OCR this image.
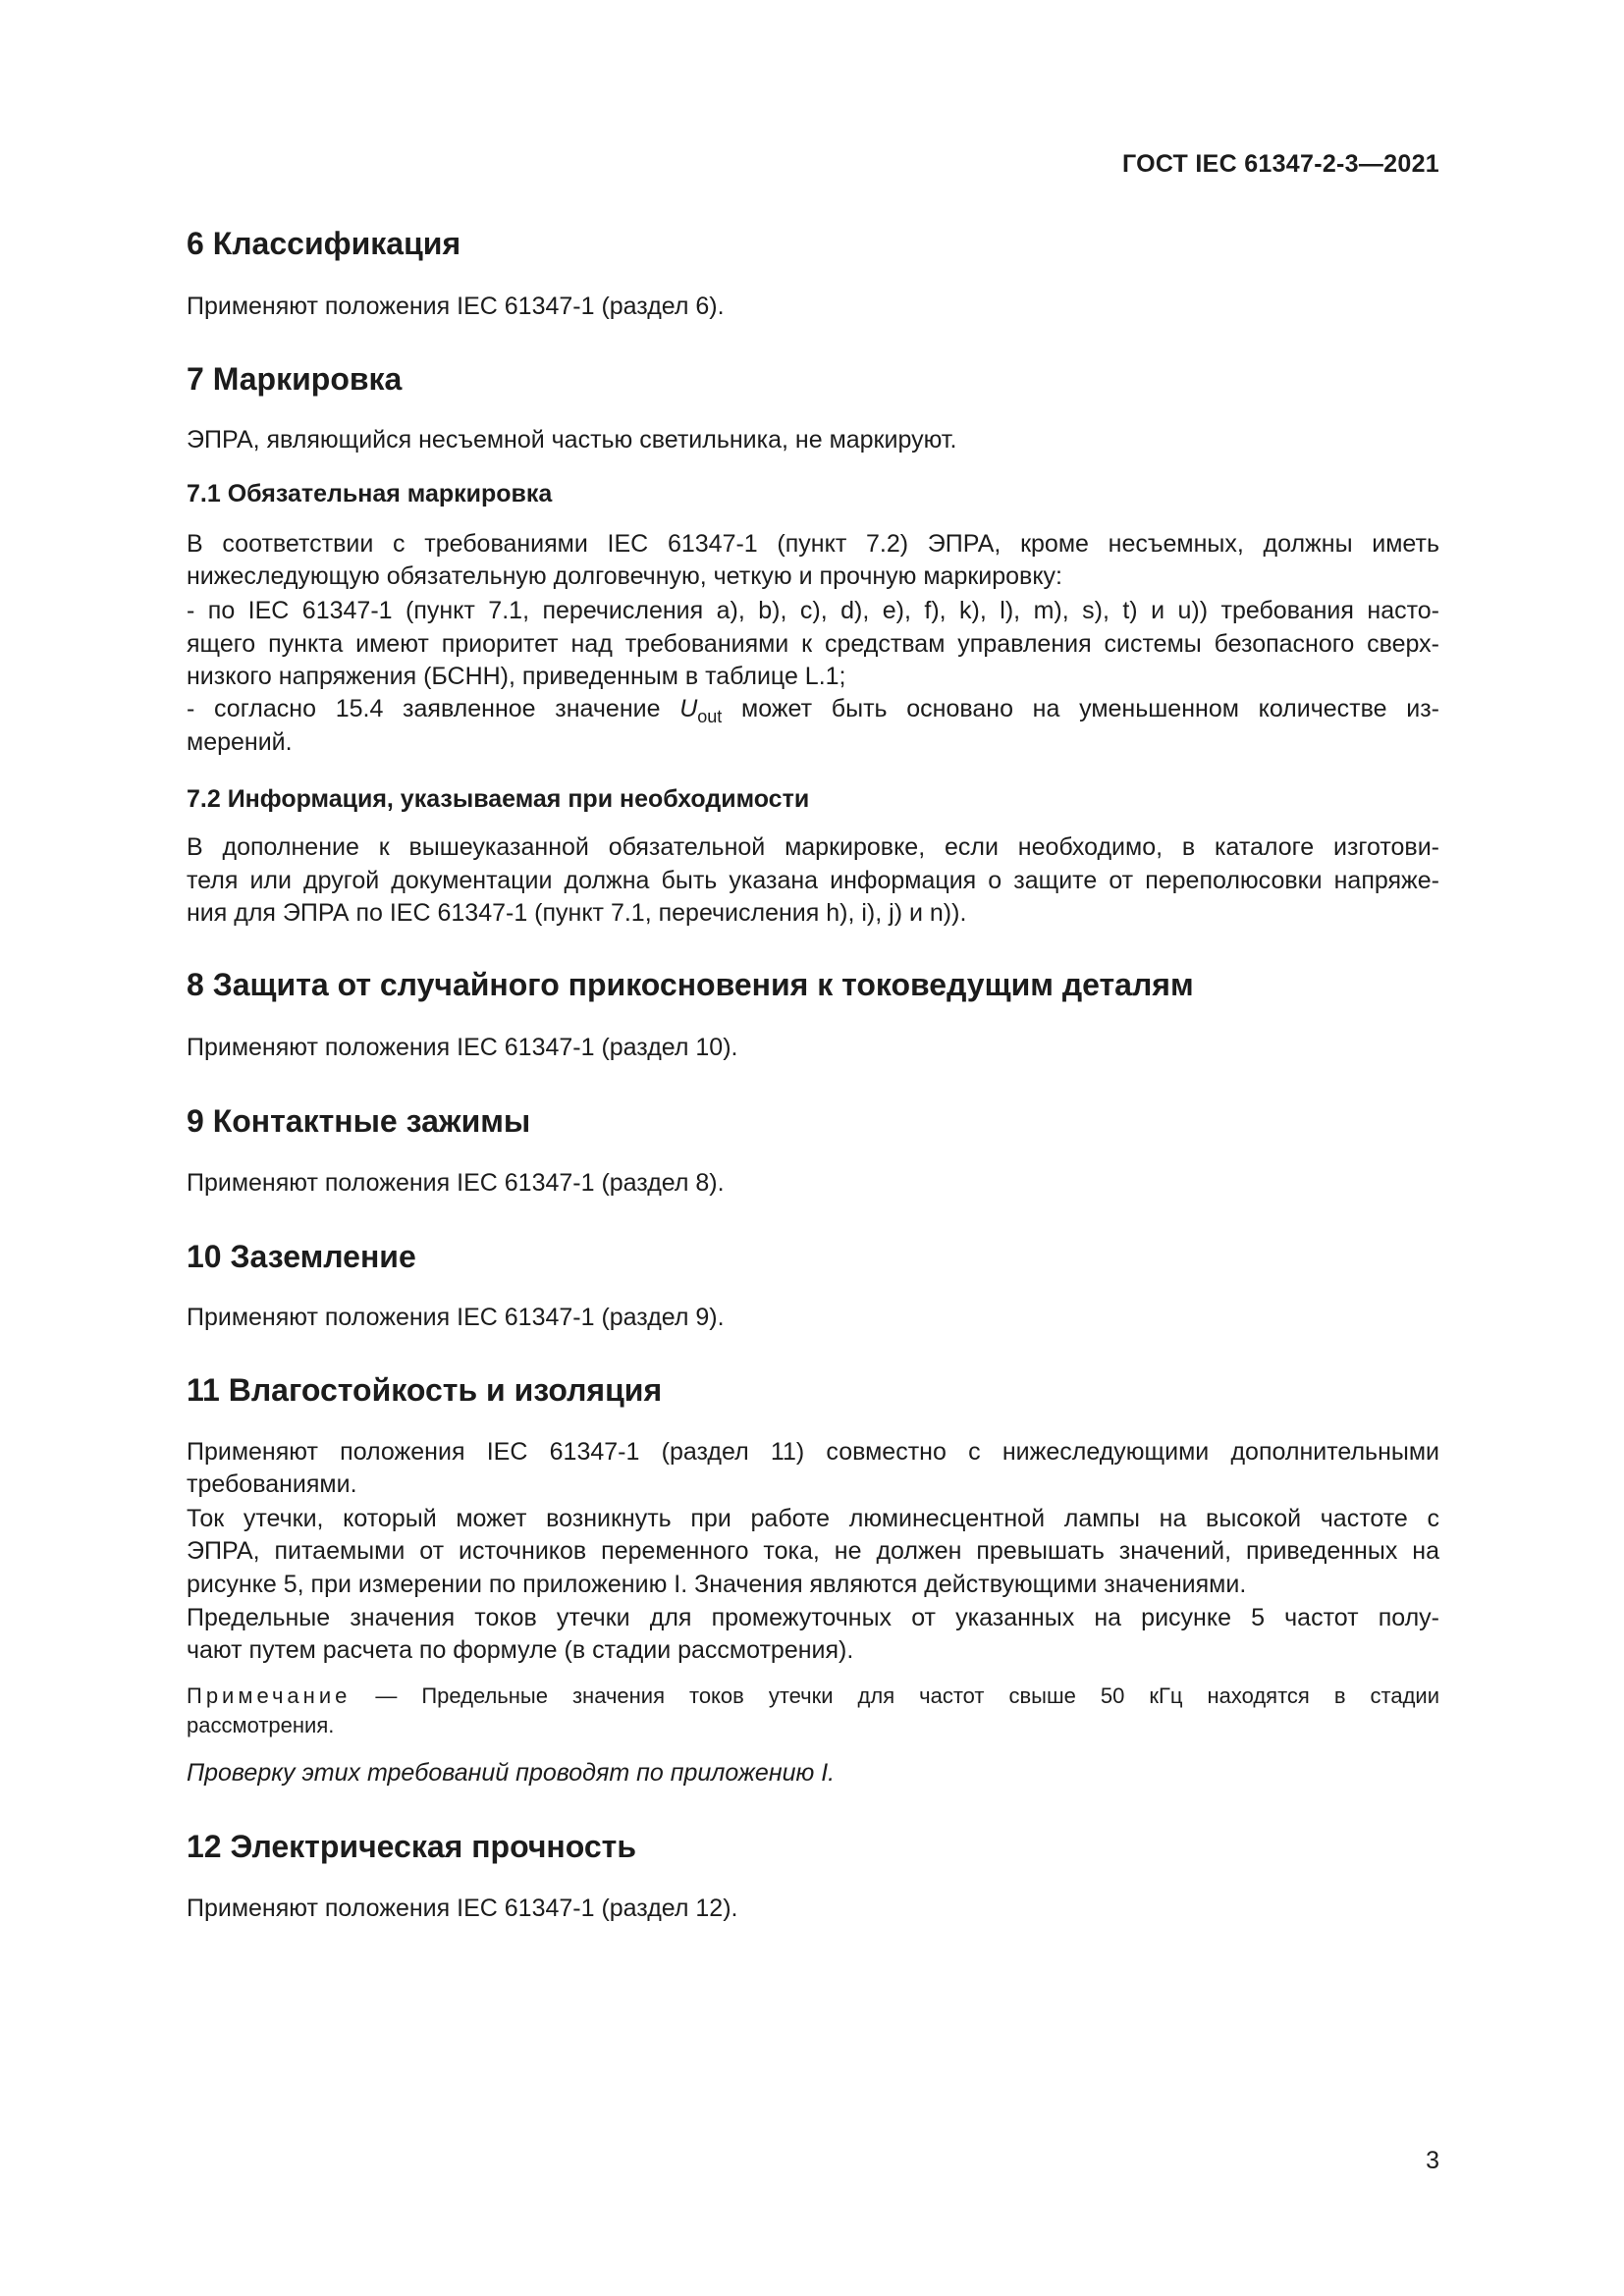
ГОСТ IEC 61347-2-3—2021
6 Классификация

Применяют положения IEC 61347-1 (раздел 6).

7 Маркировка

ЭПРА, являющийся несъемной частью светильника, не маркируют.

7.1 Обязательная маркировка

В соответствии с требованиями IEC 61347-1 (пункт 7.2) ЭПРА, кроме несъемных, должны иметь

нижеследующую обязательную долговечную, четкую и прочную маркировку:

- по IEC 61347-1 (пункт 7.1, перечисления a), b), c), d), e), f), k), l), m), s), t) и u)) требования насто-

ящего пункта имеют приоритет над требованиями к средствам управления системы безопасного сверх-

низкого напряжения (БСНН), приведенным в таблице L.1;

- согласно 15.4 заявленное значение $U_{out}$ может быть основано на уменьшенном количестве из-

мерений.

7.2 Информация, указываемая при необходимости

В дополнение к вышеуказанной обязательной маркировке, если необходимо, в каталоге изготови-

теля или другой документации должна быть указана информация о защите от переполюсовки напряже-

ния для ЭПРА по IEC 61347-1 (пункт 7.1, перечисления h), i), j) и n)).

8 Защита от случайного прикосновения к токоведущим деталям

Применяют положения IEC 61347-1 (раздел 10).

9 Контактные зажимы

Применяют положения IEC 61347-1 (раздел 8).

10 Заземление

Применяют положения IEC 61347-1 (раздел 9).

11 Влагостойкость и изоляция

Применяют положения IEC 61347-1 (раздел 11) совместно с нижеследующими дополнительными

требованиями.

Ток утечки, который может возникнуть при работе люминесцентной лампы на высокой частоте с

ЭПРА, питаемыми от источников переменного тока, не должен превышать значений, приведенных на

рисунке 5, при измерении по приложению I. Значения являются действующими значениями.

Предельные значения токов утечки для промежуточных от указанных на рисунке 5 частот полу-

чают путем расчета по формуле (в стадии рассмотрения).

Примечание — Предельные значения токов утечки для частот свыше 50 кГц находятся в стадии

рассмотрения.

Проверку этих требований проводят по приложению I.

12 Электрическая прочность

Применяют положения IEC 61347-1 (раздел 12).

3
